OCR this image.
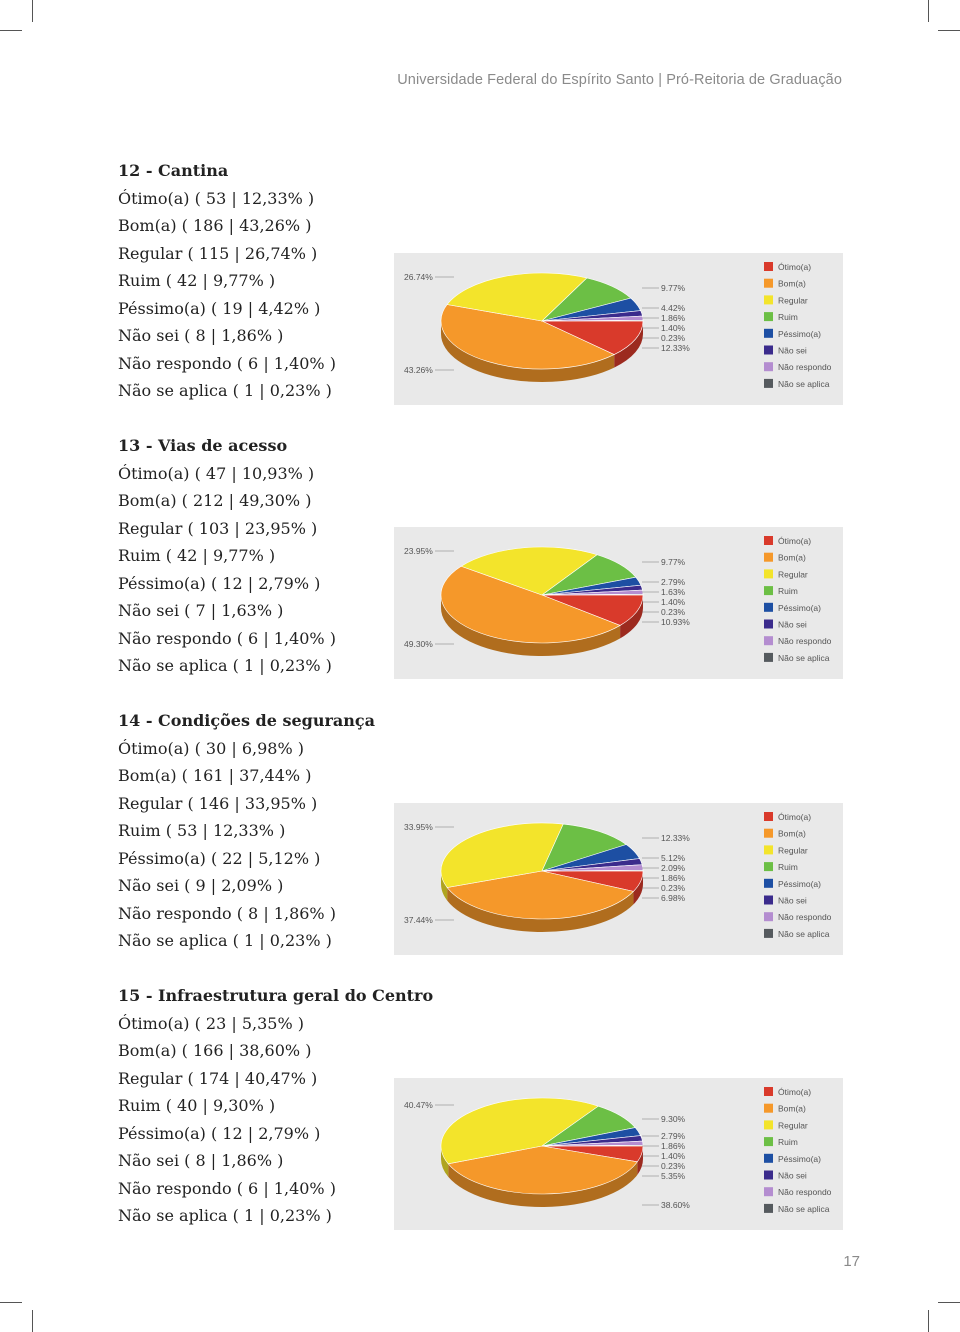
Universidade Federal do Espírito Santo | Pró-Reitoria de Graduação
12 - Cantina
Ótimo(a) ( 53 | 12,33% )
Bom(a) ( 186 | 43,26% )
Regular ( 115 | 26,74% )
Ruim ( 42 | 9,77% )
Péssimo(a) ( 19 | 4,42% )
Não sei ( 8 | 1,86% )
Não respondo ( 6 | 1,40% )
Não se aplica ( 1 | 0,23% )
26.74%
43.26%
9.77%
4.42%
1.86%
1.40%
0.23%
12.33%
Ótimo(a)
Bom(a)
Regular
Ruim
Péssimo(a)
Não sei
Não respondo
Não se aplica
13 - Vias de acesso
Ótimo(a) ( 47 | 10,93% )
Bom(a) ( 212 | 49,30% )
Regular ( 103 | 23,95% )
Ruim ( 42 | 9,77% )
Péssimo(a) ( 12 | 2,79% )
Não sei ( 7 | 1,63% )
Não respondo ( 6 | 1,40% )
Não se aplica ( 1 | 0,23% )
23.95%
49.30%
9.77%
2.79%
1.63%
1.40%
0.23%
10.93%
Ótimo(a)
Bom(a)
Regular
Ruim
Péssimo(a)
Não sei
Não respondo
Não se aplica
14 - Condições de segurança
Ótimo(a) ( 30 | 6,98% )
Bom(a) ( 161 | 37,44% )
Regular ( 146 | 33,95% )
Ruim ( 53 | 12,33% )
Péssimo(a) ( 22 | 5,12% )
Não sei ( 9 | 2,09% )
Não respondo ( 8 | 1,86% )
Não se aplica ( 1 | 0,23% )
33.95%
37.44%
12.33%
5.12%
2.09%
1.86%
0.23%
6.98%
Ótimo(a)
Bom(a)
Regular
Ruim
Péssimo(a)
Não sei
Não respondo
Não se aplica
15 - Infraestrutura geral do Centro
Ótimo(a) ( 23 | 5,35% )
Bom(a) ( 166 | 38,60% )
Regular ( 174 | 40,47% )
Ruim ( 40 | 9,30% )
Péssimo(a) ( 12 | 2,79% )
Não sei ( 8 | 1,86% )
Não respondo ( 6 | 1,40% )
Não se aplica ( 1 | 0,23% )
40.47%
9.30%
2.79%
1.86%
1.40%
0.23%
5.35%
38.60%
Ótimo(a)
Bom(a)
Regular
Ruim
Péssimo(a)
Não sei
Não respondo
Não se aplica
17
